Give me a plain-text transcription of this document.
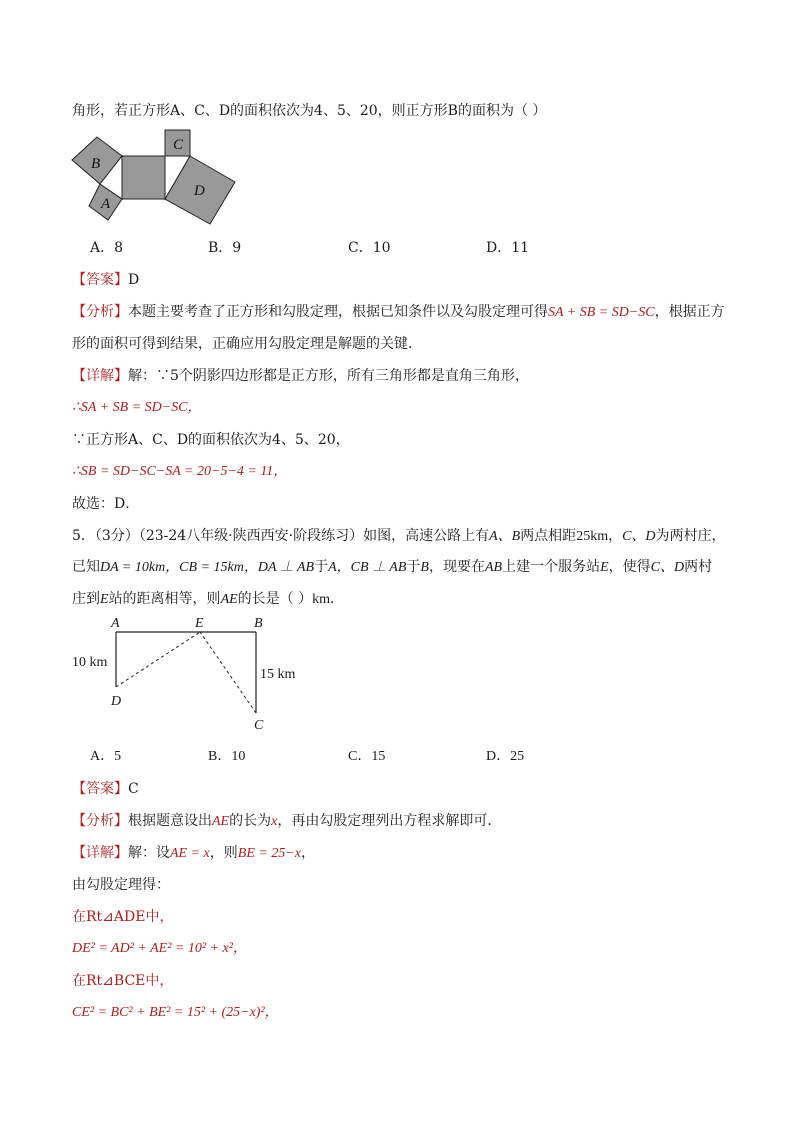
角形，若正方形A、C、D的面积依次为4、5、20，则正方形B的面积为（ ）
B
A
C
D
A．8	B．9	C．10	D．11
【答案】D
【分析】本题主要考查了正方形和勾股定理，根据已知条件以及勾股定理可得SA + SB = SD−SC，根据正方
形的面积可得到结果，正确应用勾股定理是解题的关键．
【详解】解：∵5个阴影四边形都是正方形，所有三角形都是直角三角形，
∴SA + SB = SD−SC，
∵正方形A、C、D的面积依次为4、5、20，
∴SB = SD−SC−SA = 20−5−4 = 11，
故选：D．
5．（3分）（23-24八年级·陕西西安·阶段练习）如图，高速公路上有A、B两点相距25km，C、D为两村庄，
已知DA = 10km，CB = 15km，DA ⊥ AB于A，CB ⊥ AB于B，现要在AB上建一个服务站E，使得C、D两村
庄到E站的距离相等，则AE的长是（ ）km．
A	E	B
D
C
10 km
15 km
A．5	B．10	C．15	D．25
【答案】C
【分析】根据题意设出AE的长为x，再由勾股定理列出方程求解即可．
【详解】解：设AE = x，则BE = 25−x，
由勾股定理得：
在Rt⊿ADE中，
DE² = AD² + AE² = 10² + x²，
在Rt⊿BCE中，
CE² = BC² + BE² = 15² + (25−x)²，
